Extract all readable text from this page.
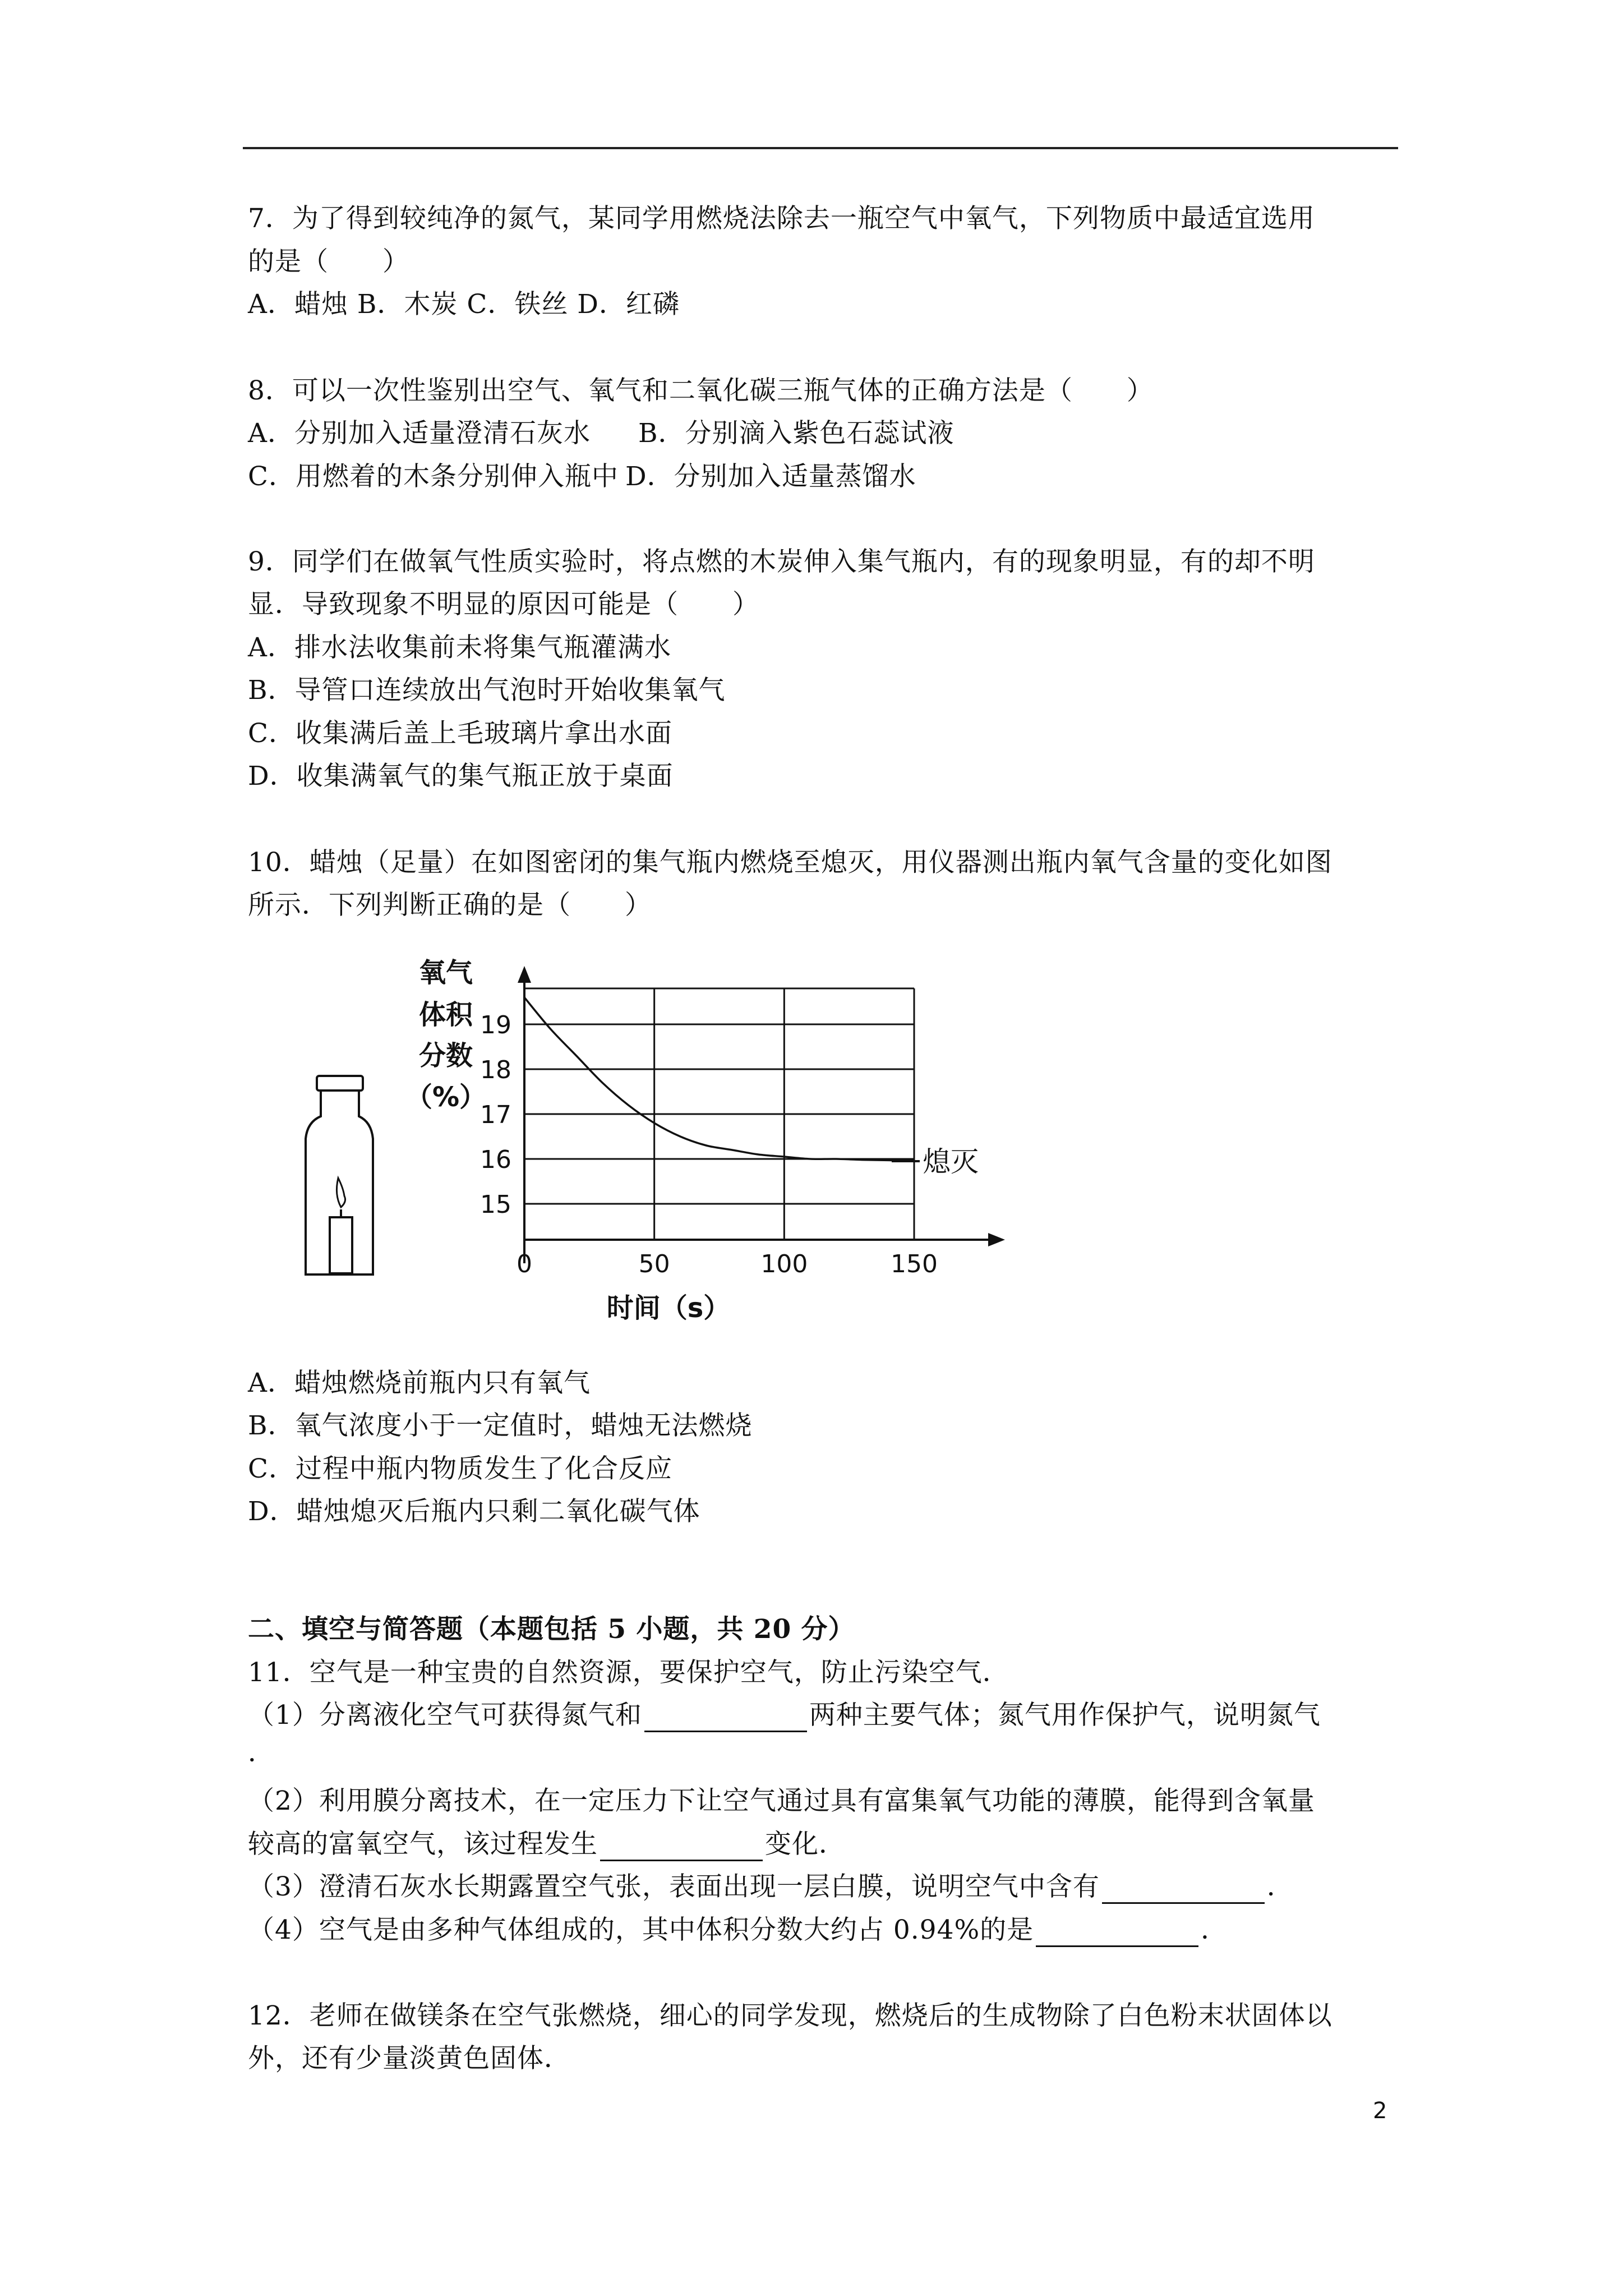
7．为了得到较纯净的氮气，某同学用燃烧法除去一瓶空气中氧气，下列物质中最适宜选用
的是（　　）
A．蜡烛 B．木炭 C．铁丝 D．红磷
8．可以一次性鉴别出空气、氧气和二氧化碳三瓶气体的正确方法是（　　）
A．分别加入适量澄清石灰水 B．分别滴入紫色石蕊试液
C．用燃着的木条分别伸入瓶中 D．分别加入适量蒸馏水
9．同学们在做氧气性质实验时，将点燃的木炭伸入集气瓶内，有的现象明显，有的却不明
显．导致现象不明显的原因可能是（　　）
A．排水法收集前未将集气瓶灌满水
B．导管口连续放出气泡时开始收集氧气
C．收集满后盖上毛玻璃片拿出水面
D．收集满氧气的集气瓶正放于桌面
10．蜡烛（足量）在如图密闭的集气瓶内燃烧至熄灭，用仪器测出瓶内氧气含量的变化如图
所示．下列判断正确的是（　　）
氧气
体积
分数
（%）
15
16
17
18
19
0	50	100	150
时间（s）
熄灭
A．蜡烛燃烧前瓶内只有氧气
B．氧气浓度小于一定值时，蜡烛无法燃烧
C．过程中瓶内物质发生了化合反应
D．蜡烛熄灭后瓶内只剩二氧化碳气体
二、填空与简答题（本题包括 5 小题，共 20 分）
11．空气是一种宝贵的自然资源，要保护空气，防止污染空气．
（1）分离液化空气可获得氮气和	两种主要气体；氮气用作保护气，说明氮气
．
（2）利用膜分离技术，在一定压力下让空气通过具有富集氧气功能的薄膜，能得到含氧量
较高的富氧空气，该过程发生	变化．
（3）澄清石灰水长期露置空气张，表面出现一层白膜，说明空气中含有	．
（4）空气是由多种气体组成的，其中体积分数大约占 0.94%的是	．
12．老师在做镁条在空气张燃烧，细心的同学发现，燃烧后的生成物除了白色粉末状固体以
外，还有少量淡黄色固体．
2
